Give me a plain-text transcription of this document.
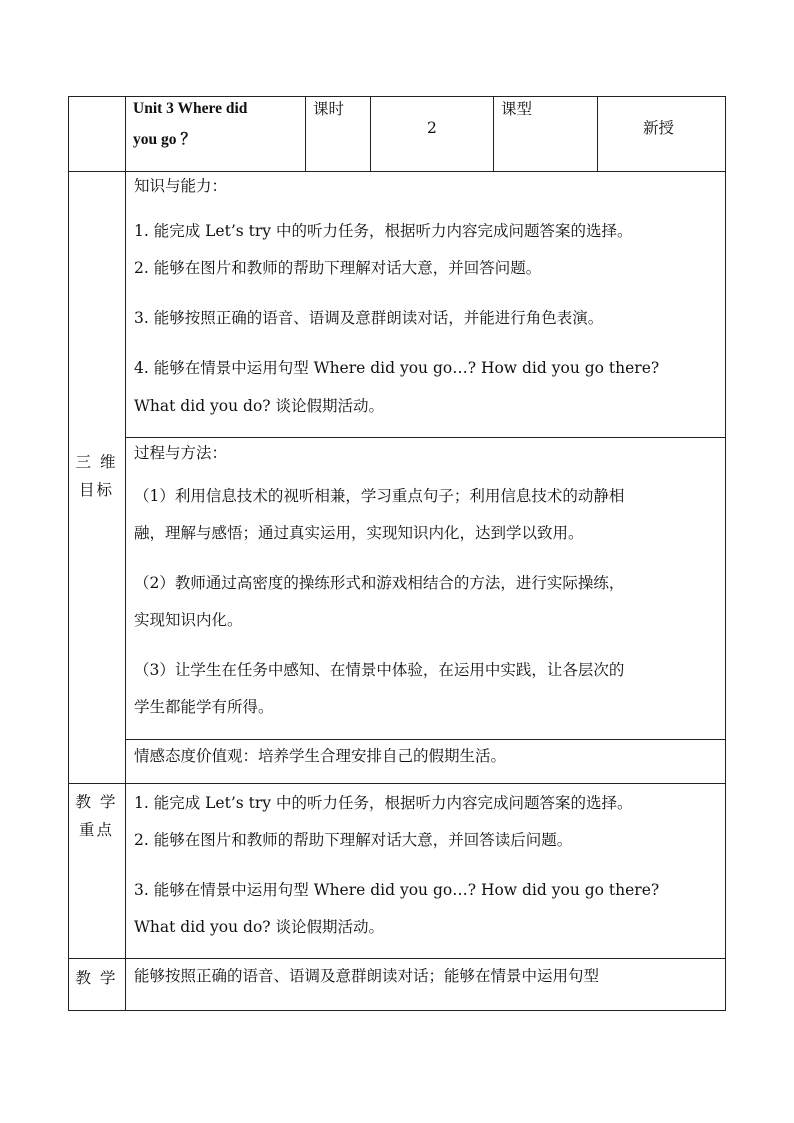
Unit 3 Where did
you go ？
课时
2
课型
新授
三 维
目标
知识与能力：
1. 能完成 Let’s try 中的听力任务，根据听力内容完成问题答案的选择。
2. 能够在图片和教师的帮助下理解对话大意，并回答问题。
3. 能够按照正确的语音、语调及意群朗读对话，并能进行角色表演。
4. 能够在情景中运用句型 Where did you go…? How did you go there?
What did you do? 谈论假期活动。
过程与方法：
（1）利用信息技术的视听相兼，学习重点句子；利用信息技术的动静相
融，理解与感悟；通过真实运用，实现知识内化，达到学以致用。
（2）教师通过高密度的操练形式和游戏相结合的方法，进行实际操练，
实现知识内化。
（3）让学生在任务中感知、在情景中体验，在运用中实践，让各层次的
学生都能学有所得。
情感态度价值观：培养学生合理安排自己的假期生活。
教 学
重点
1. 能完成 Let’s try 中的听力任务，根据听力内容完成问题答案的选择。
2. 能够在图片和教师的帮助下理解对话大意，并回答读后问题。
3. 能够在情景中运用句型 Where did you go…? How did you go there?
What did you do? 谈论假期活动。
教 学	能够按照正确的语音、语调及意群朗读对话；能够在情景中运用句型
